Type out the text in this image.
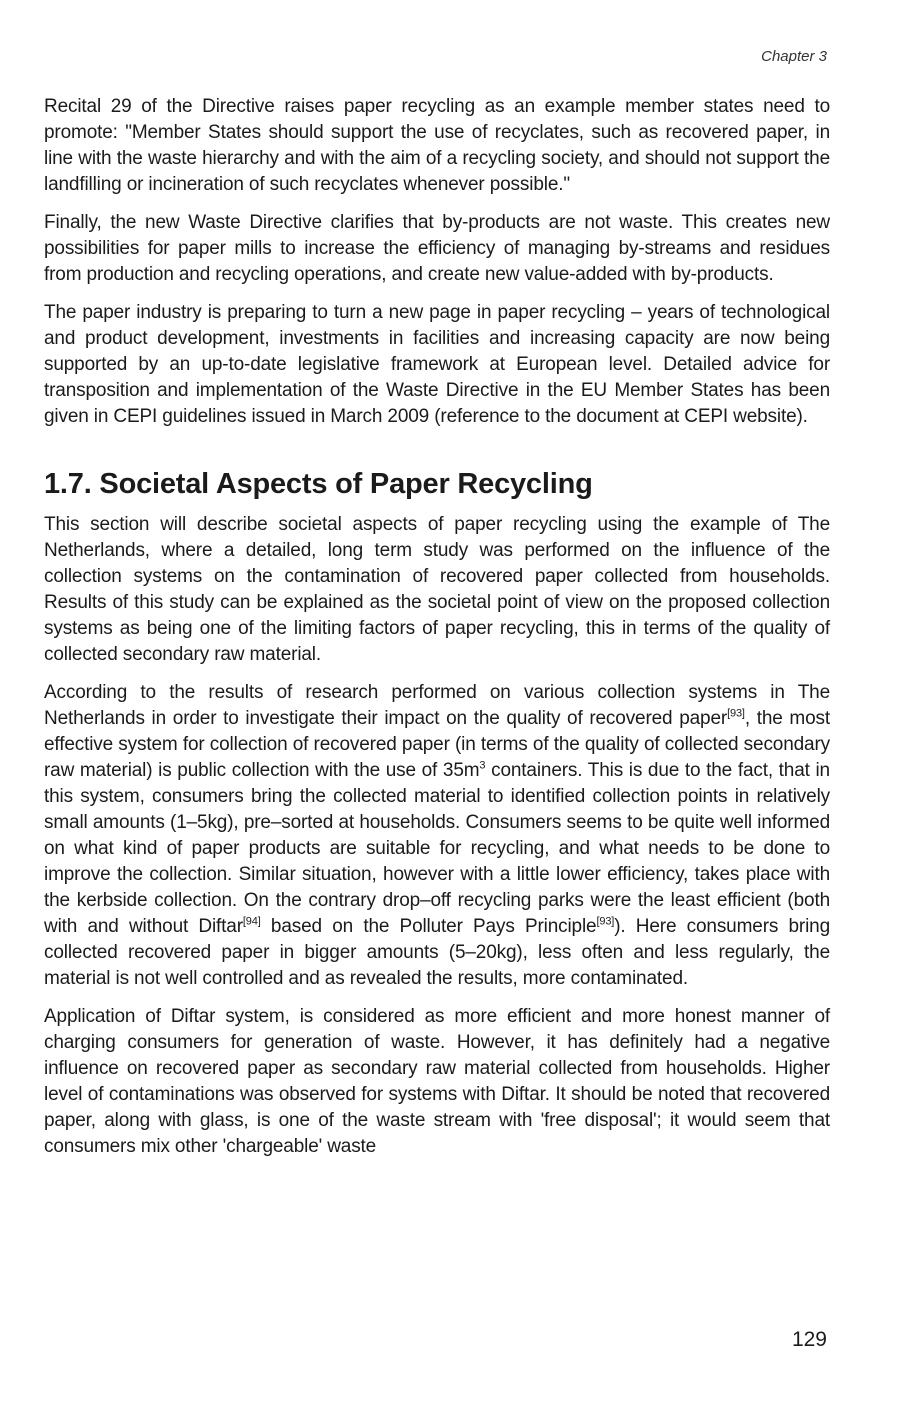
Chapter 3

Recital 29 of the Directive raises paper recycling as an example member states need to promote: "Member States should support the use of recyclates, such as recovered paper, in line with the waste hierarchy and with the aim of a recycling society, and should not support the landfilling or incineration of such recyclates whenever possible."

Finally, the new Waste Directive clarifies that by-products are not waste. This creates new possibilities for paper mills to increase the efficiency of managing by-streams and residues from production and recycling operations, and create new value-added with by-products.

The paper industry is preparing to turn a new page in paper recycling – years of technological and product development, investments in facilities and increasing capacity are now being supported by an up-to-date legislative framework at European level. Detailed advice for transposition and implementation of the Waste Directive in the EU Member States has been given in CEPI guidelines issued in March 2009 (reference to the document at CEPI website).

1.7. Societal Aspects of Paper Recycling

This section will describe societal aspects of paper recycling using the example of The Netherlands, where a detailed, long term study was performed on the influence of the collection systems on the contamination of recovered paper collected from households. Results of this study can be explained as the societal point of view on the proposed collection systems as being one of the limiting factors of paper recycling, this in terms of the quality of collected secondary raw material.

According to the results of research performed on various collection systems in The Netherlands in order to investigate their impact on the quality of recovered paper[93], the most effective system for collection of recovered paper (in terms of the quality of collected secondary raw material) is public collection with the use of $35m^3$ containers. This is due to the fact, that in this system, consumers bring the collected material to identified collection points in relatively small amounts (1–5kg), pre–sorted at households. Consumers seems to be quite well informed on what kind of paper products are suitable for recycling, and what needs to be done to improve the collection. Similar situation, however with a little lower efficiency, takes place with the kerbside collection. On the contrary drop–off recycling parks were the least efficient (both with and without Diftar[94] based on the Polluter Pays Principle[93]). Here consumers bring collected recovered paper in bigger amounts (5–20kg), less often and less regularly, the material is not well controlled and as revealed the results, more contaminated.

Application of Diftar system, is considered as more efficient and more honest manner of charging consumers for generation of waste. However, it has definitely had a negative influence on recovered paper as secondary raw material collected from households. Higher level of contaminations was observed for systems with Diftar. It should be noted that recovered paper, along with glass, is one of the waste stream with 'free disposal'; it would seem that consumers mix other 'chargeable' waste

129
